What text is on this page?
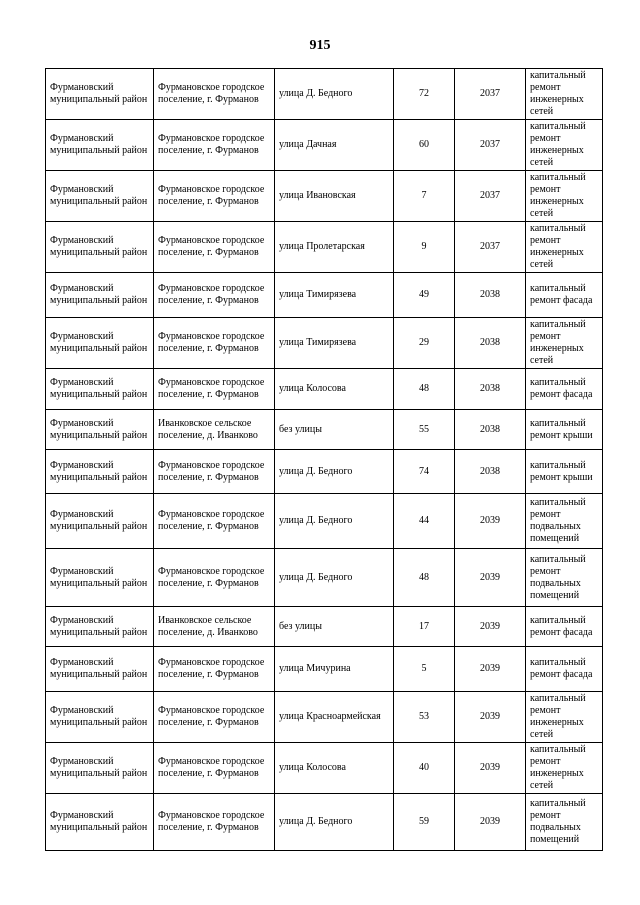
915
Фурмановский муниципальный район	Фурмановское городское поселение, г. Фурманов	улица Д. Бедного	72	2037	капитальный ремонт инженерных сетей
Фурмановский муниципальный район	Фурмановское городское поселение, г. Фурманов	улица Дачная	60	2037	капитальный ремонт инженерных сетей
Фурмановский муниципальный район	Фурмановское городское поселение, г. Фурманов	улица Ивановская	7	2037	капитальный ремонт инженерных сетей
Фурмановский муниципальный район	Фурмановское городское поселение, г. Фурманов	улица Пролетарская	9	2037	капитальный ремонт инженерных сетей
Фурмановский муниципальный район	Фурмановское городское поселение, г. Фурманов	улица Тимирязева	49	2038	капитальный ремонт фасада
Фурмановский муниципальный район	Фурмановское городское поселение, г. Фурманов	улица Тимирязева	29	2038	капитальный ремонт инженерных сетей
Фурмановский муниципальный район	Фурмановское городское поселение, г. Фурманов	улица Колосова	48	2038	капитальный ремонт фасада
Фурмановский муниципальный район	Иванковское сельское поселение, д. Иванково	без улицы	55	2038	капитальный ремонт крыши
Фурмановский муниципальный район	Фурмановское городское поселение, г. Фурманов	улица Д. Бедного	74	2038	капитальный ремонт крыши
Фурмановский муниципальный район	Фурмановское городское поселение, г. Фурманов	улица Д. Бедного	44	2039	капитальный ремонт подвальных помещений
Фурмановский муниципальный район	Фурмановское городское поселение, г. Фурманов	улица Д. Бедного	48	2039	капитальный ремонт подвальных помещений
Фурмановский муниципальный район	Иванковское сельское поселение, д. Иванково	без улицы	17	2039	капитальный ремонт фасада
Фурмановский муниципальный район	Фурмановское городское поселение, г. Фурманов	улица Мичурина	5	2039	капитальный ремонт фасада
Фурмановский муниципальный район	Фурмановское городское поселение, г. Фурманов	улица Красноармейская	53	2039	капитальный ремонт инженерных сетей
Фурмановский муниципальный район	Фурмановское городское поселение, г. Фурманов	улица Колосова	40	2039	капитальный ремонт инженерных сетей
Фурмановский муниципальный район	Фурмановское городское поселение, г. Фурманов	улица Д. Бедного	59	2039	капитальный ремонт подвальных помещений
